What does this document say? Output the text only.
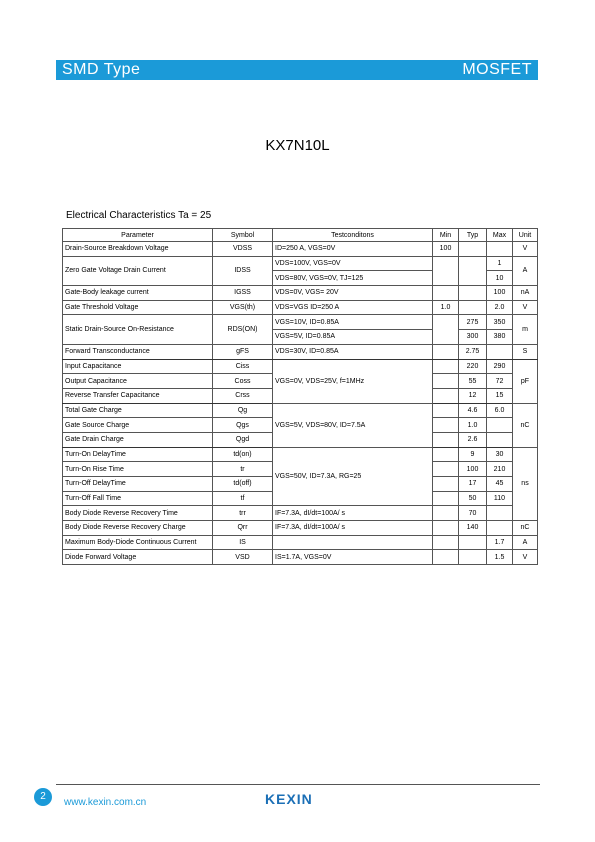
SMD Type	MOSFET
KX7N10L
Electrical Characteristics Ta = 25
Parameter	Symbol	Testconditons	Min	Typ	Max	Unit
Drain-Source Breakdown Voltage	VDSS	ID=250 A, VGS=0V	100			V
Zero Gate Voltage Drain Current	IDSS	VDS=100V, VGS=0V			1	A
		VDS=80V, VGS=0V, TJ=125			10	
Gate-Body leakage current	IGSS	VDS=0V, VGS= 20V			100	nA
Gate Threshold Voltage	VGS(th)	VDS=VGS ID=250 A	1.0		2.0	V
Static Drain-Source On-Resistance	RDS(ON)	VGS=10V, ID=0.85A		275	350	m
		VGS=5V, ID=0.85A		300	380	
Forward Transconductance	gFS	VDS=30V, ID=0.85A		2.75		S
Input Capacitance	Ciss	VGS=0V, VDS=25V, f=1MHz		220	290	pF
Output Capacitance	Coss			55	72	
Reverse Transfer Capacitance	Crss			12	15	
Total Gate Charge	Qg	VGS=5V, VDS=80V, ID=7.5A		4.6	6.0	nC
Gate Source Charge	Qgs			1.0		
Gate Drain Charge	Qgd			2.6		
Turn-On DelayTime	td(on)	VGS=50V, ID=7.3A, RG=25		9	30	ns
Turn-On Rise Time	tr			100	210	
Turn-Off DelayTime	td(off)			17	45	
Turn-Off Fall Time	tf			50	110	
Body Diode Reverse Recovery Time	trr	IF=7.3A, dI/dt=100A/ s		70		
Body Diode Reverse Recovery Charge	Qrr	IF=7.3A, dI/dt=100A/ s		140		nC
Maximum Body-Diode Continuous Current	IS				1.7	A
Diode Forward Voltage	VSD	IS=1.7A, VGS=0V			1.5	V
2
www.kexin.com.cn	KEXIN
